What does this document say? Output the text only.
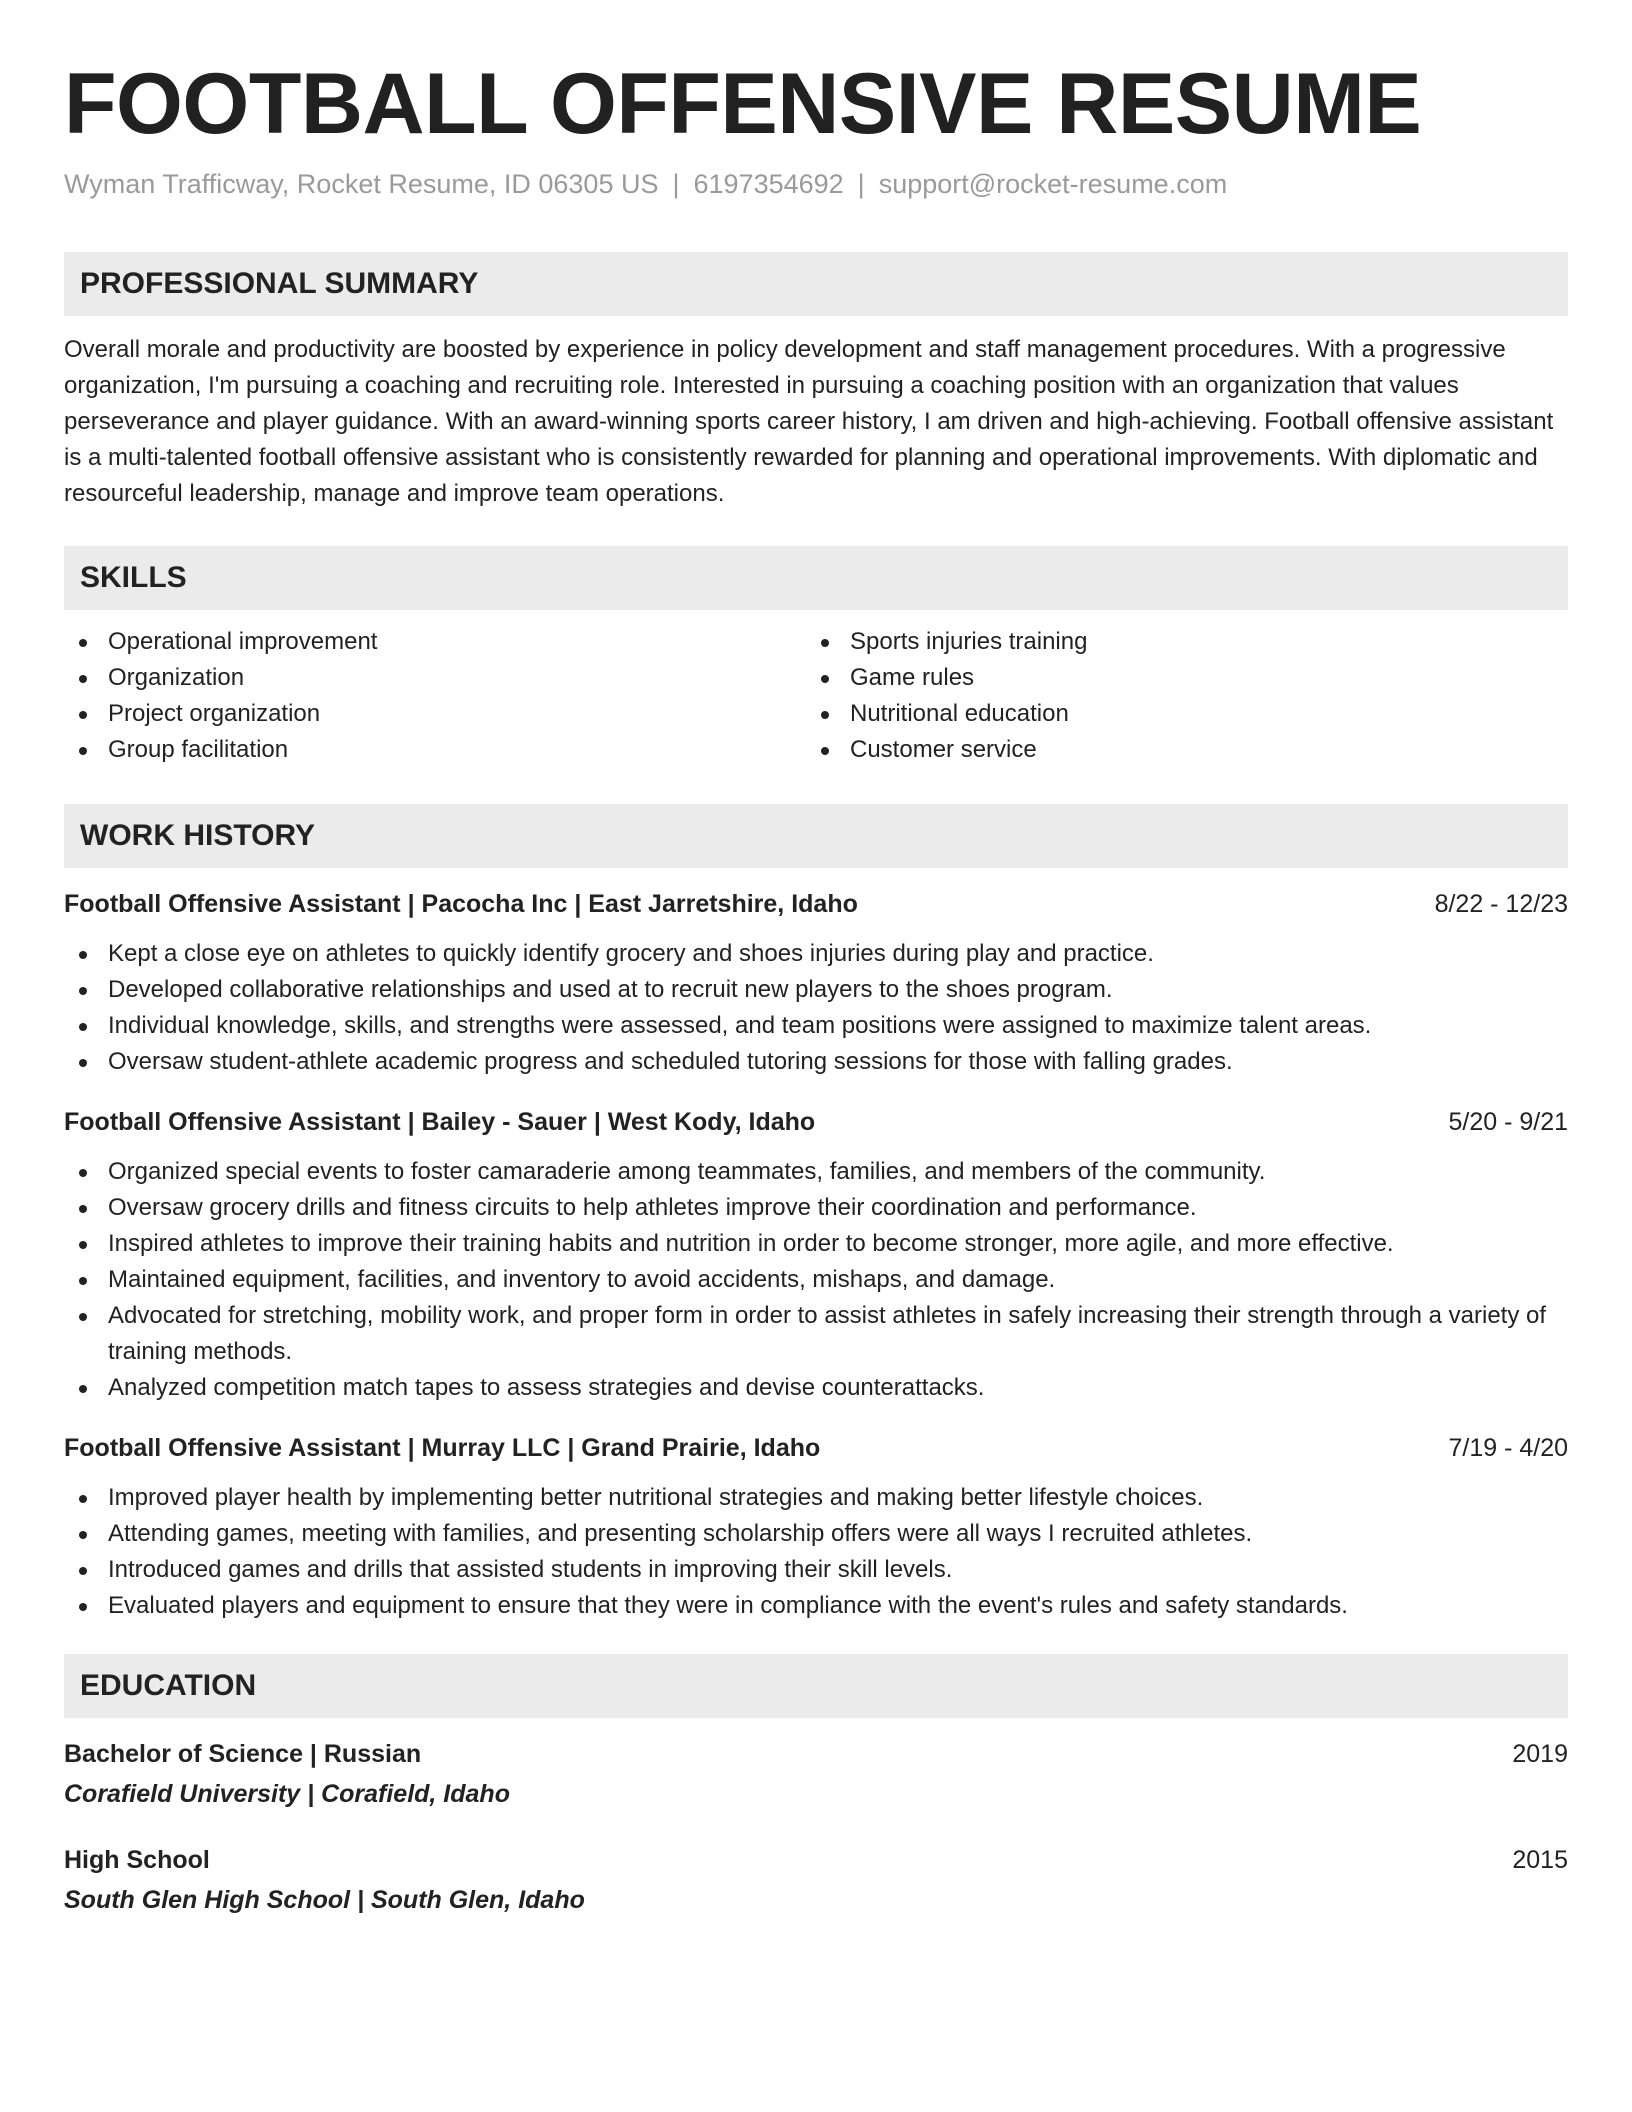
FOOTBALL OFFENSIVE RESUME
Wyman Trafficway, Rocket Resume, ID 06305 US | 6197354692 | support@rocket-resume.com
PROFESSIONAL SUMMARY
Overall morale and productivity are boosted by experience in policy development and staff management procedures. With a progressive organization, I'm pursuing a coaching and recruiting role. Interested in pursuing a coaching position with an organization that values perseverance and player guidance. With an award-winning sports career history, I am driven and high-achieving. Football offensive assistant is a multi-talented football offensive assistant who is consistently rewarded for planning and operational improvements. With diplomatic and resourceful leadership, manage and improve team operations.
SKILLS
Operational improvement
Organization
Project organization
Group facilitation
Sports injuries training
Game rules
Nutritional education
Customer service
WORK HISTORY
Football Offensive Assistant | Pacocha Inc | East Jarretshire, Idaho	8/22 - 12/23
Kept a close eye on athletes to quickly identify grocery and shoes injuries during play and practice.
Developed collaborative relationships and used at to recruit new players to the shoes program.
Individual knowledge, skills, and strengths were assessed, and team positions were assigned to maximize talent areas.
Oversaw student-athlete academic progress and scheduled tutoring sessions for those with falling grades.
Football Offensive Assistant | Bailey - Sauer | West Kody, Idaho	5/20 - 9/21
Organized special events to foster camaraderie among teammates, families, and members of the community.
Oversaw grocery drills and fitness circuits to help athletes improve their coordination and performance.
Inspired athletes to improve their training habits and nutrition in order to become stronger, more agile, and more effective.
Maintained equipment, facilities, and inventory to avoid accidents, mishaps, and damage.
Advocated for stretching, mobility work, and proper form in order to assist athletes in safely increasing their strength through a variety of training methods.
Analyzed competition match tapes to assess strategies and devise counterattacks.
Football Offensive Assistant | Murray LLC | Grand Prairie, Idaho	7/19 - 4/20
Improved player health by implementing better nutritional strategies and making better lifestyle choices.
Attending games, meeting with families, and presenting scholarship offers were all ways I recruited athletes.
Introduced games and drills that assisted students in improving their skill levels.
Evaluated players and equipment to ensure that they were in compliance with the event's rules and safety standards.
EDUCATION
Bachelor of Science | Russian	2019
Corafield University | Corafield, Idaho
High School	2015
South Glen High School | South Glen, Idaho
